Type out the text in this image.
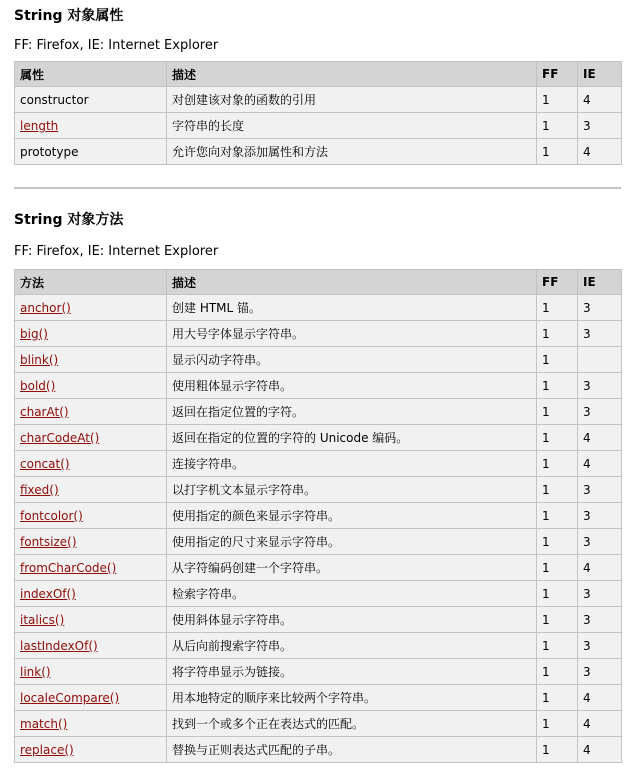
String 对象属性

FF: Firefox, IE: Internet Explorer

属性	描述	FF	IE
constructor	对创建该对象的函数的引用	1	4
length	字符串的长度	1	3
prototype	允许您向对象添加属性和方法	1	4
String 对象方法

FF: Firefox, IE: Internet Explorer

方法	描述	FF	IE
anchor()	创建 HTML 锚。	1	3
big()	用大号字体显示字符串。	1	3
blink()	显示闪动字符串。	1	
bold()	使用粗体显示字符串。	1	3
charAt()	返回在指定位置的字符。	1	3
charCodeAt()	返回在指定的位置的字符的 Unicode 编码。	1	4
concat()	连接字符串。	1	4
fixed()	以打字机文本显示字符串。	1	3
fontcolor()	使用指定的颜色来显示字符串。	1	3
fontsize()	使用指定的尺寸来显示字符串。	1	3
fromCharCode()	从字符编码创建一个字符串。	1	4
indexOf()	检索字符串。	1	3
italics()	使用斜体显示字符串。	1	3
lastIndexOf()	从后向前搜索字符串。	1	3
link()	将字符串显示为链接。	1	3
localeCompare()	用本地特定的顺序来比较两个字符串。	1	4
match()	找到一个或多个正在表达式的匹配。	1	4
replace()	替换与正则表达式匹配的子串。	1	4
